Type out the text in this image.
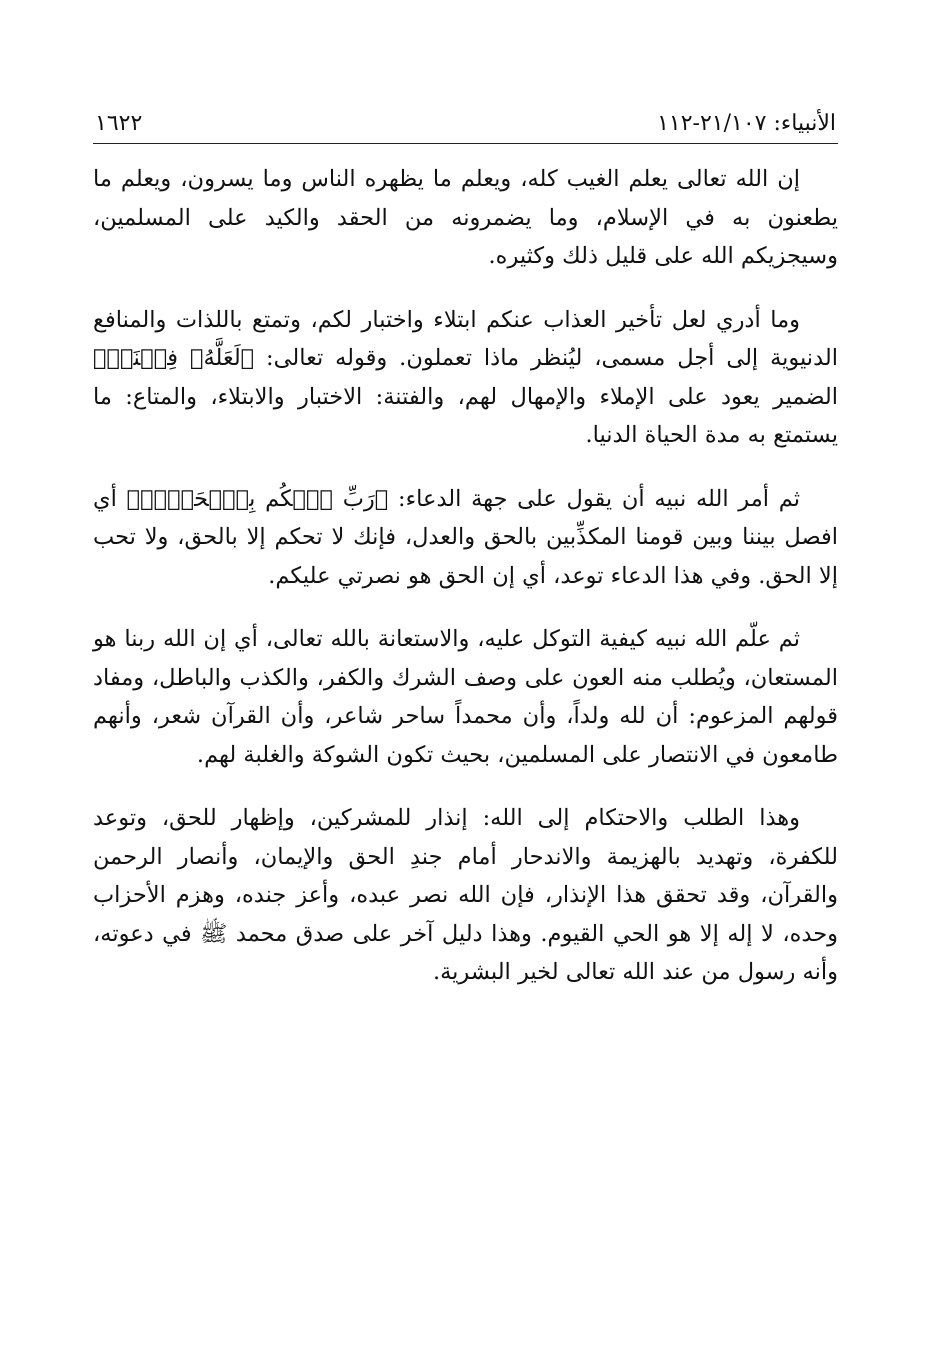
الأنبياء: ٢١/١٠٧-١١٢
١٦٢٢

إن الله تعالى يعلم الغيب كله، ويعلم ما يظهره الناس وما يسرون، ويعلم ما يطعنون به في الإسلام، وما يضمرونه من الحقد والكيد على المسلمين، وسيجزيكم الله على قليل ذلك وكثيره.

وما أدري لعل تأخير العذاب عنكم ابتلاء واختبار لكم، وتمتع باللذات والمنافع الدنيوية إلى أجل مسمى، ليُنظر ماذا تعملون. وقوله تعالى: ﴿لَعَلَّهُۥ فِتۡنَةٞ﴾ الضمير يعود على الإملاء والإمهال لهم، والفتنة: الاختبار والابتلاء، والمتاع: ما يستمتع به مدة الحياة الدنيا.

ثم أمر الله نبيه أن يقول على جهة الدعاء: ﴿رَبِّ ٱحۡكُم بِٱلۡحَقِّۗ﴾ أي افصل بيننا وبين قومنا المكذِّبين بالحق والعدل، فإنك لا تحكم إلا بالحق، ولا تحب إلا الحق. وفي هذا الدعاء توعد، أي إن الحق هو نصرتي عليكم.

ثم علّم الله نبيه كيفية التوكل عليه، والاستعانة بالله تعالى، أي إن الله ربنا هو المستعان، ويُطلب منه العون على وصف الشرك والكفر، والكذب والباطل، ومفاد قولهم المزعوم: أن لله ولداً، وأن محمداً ساحر شاعر، وأن القرآن شعر، وأنهم طامعون في الانتصار على المسلمين، بحيث تكون الشوكة والغلبة لهم.

وهذا الطلب والاحتكام إلى الله: إنذار للمشركين، وإظهار للحق، وتوعد للكفرة، وتهديد بالهزيمة والاندحار أمام جندِ الحق والإيمان، وأنصار الرحمن والقرآن، وقد تحقق هذا الإنذار، فإن الله نصر عبده، وأعز جنده، وهزم الأحزاب وحده، لا إله إلا هو الحي القيوم. وهذا دليل آخر على صدق محمد ﷺ في دعوته، وأنه رسول من عند الله تعالى لخير البشرية.
